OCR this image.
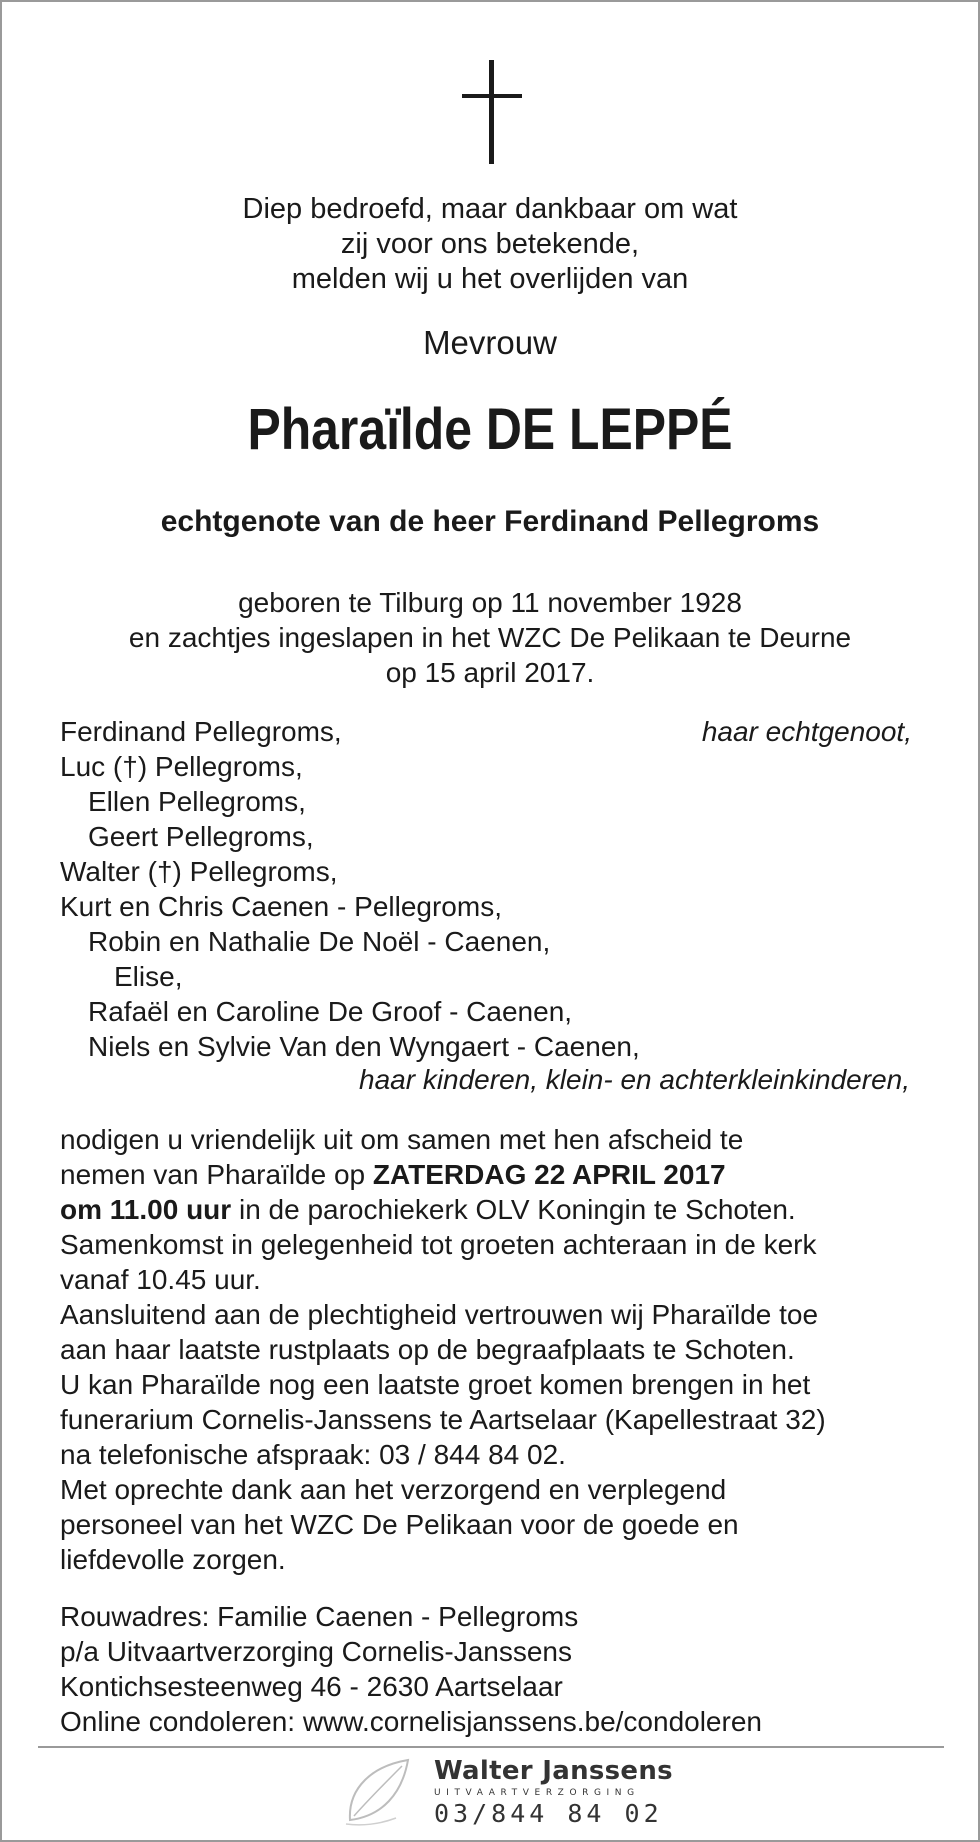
Diep bedroefd, maar dankbaar om wat
zij voor ons betekende,
melden wij u het overlijden van
Mevrouw
Pharaïlde DE LEPPÉ
echtgenote van de heer Ferdinand Pellegroms
geboren te Tilburg op 11 november 1928
en zachtjes ingeslapen in het WZC De Pelikaan te Deurne
op 15 april 2017.
Ferdinand Pellegroms,	haar echtgenoot,
Luc (†) Pellegroms,
Ellen Pellegroms,
Geert Pellegroms,
Walter (†) Pellegroms,
Kurt en Chris Caenen - Pellegroms,
Robin en Nathalie De Noël - Caenen,
Elise,
Rafaël en Caroline De Groof - Caenen,
Niels en Sylvie Van den Wyngaert - Caenen,
haar kinderen, klein- en achterkleinkinderen,

nodigen u vriendelijk uit om samen met hen afscheid te

nemen van Pharaïlde op ZATERDAG 22 APRIL 2017

om 11.00 uur in de parochiekerk OLV Koningin te Schoten.

Samenkomst in gelegenheid tot groeten achteraan in de kerk

vanaf 10.45 uur.

Aansluitend aan de plechtigheid vertrouwen wij Pharaïlde toe

aan haar laatste rustplaats op de begraafplaats te Schoten.

U kan Pharaïlde nog een laatste groet komen brengen in het

funerarium Cornelis-Janssens te Aartselaar (Kapellestraat 32)

na telefonische afspraak: 03 / 844 84 02.

Met oprechte dank aan het verzorgend en verplegend

personeel van het WZC De Pelikaan voor de goede en

liefdevolle zorgen.

Rouwadres: Familie Caenen - Pellegroms
p/a Uitvaartverzorging Cornelis-Janssens
Kontichsesteenweg 46 - 2630 Aartselaar
Online condoleren: www.cornelisjanssens.be/condoleren
Walter Janssens
UITVAARTVERZORGING
03/844 84 02
